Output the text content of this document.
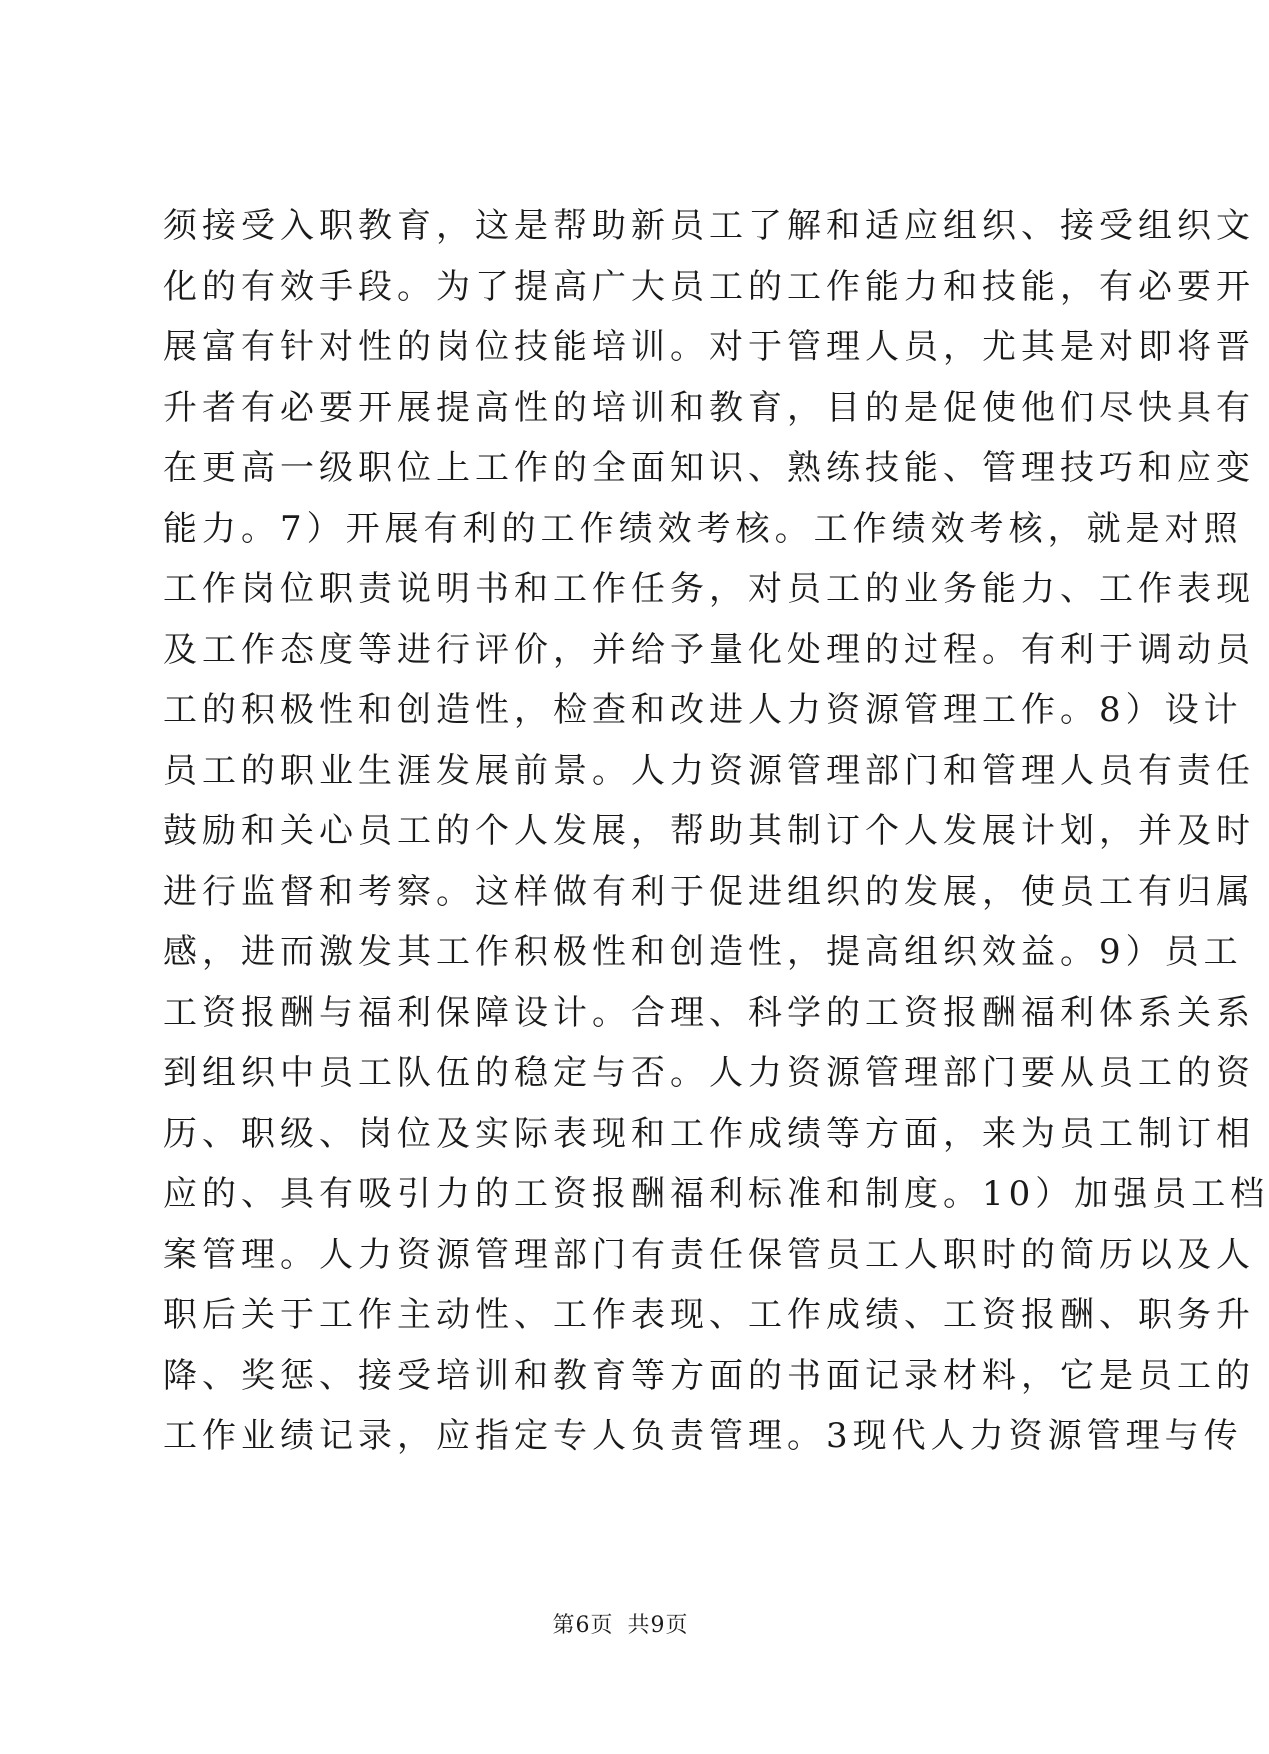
须接受入职教育，这是帮助新员工了解和适应组织、接受组织文
化的有效手段。为了提高广大员工的工作能力和技能，有必要开
展富有针对性的岗位技能培训。对于管理人员，尤其是对即将晋
升者有必要开展提高性的培训和教育，目的是促使他们尽快具有
在更高一级职位上工作的全面知识、熟练技能、管理技巧和应变
能力。7）开展有利的工作绩效考核。工作绩效考核，就是对照
工作岗位职责说明书和工作任务，对员工的业务能力、工作表现
及工作态度等进行评价，并给予量化处理的过程。有利于调动员
工的积极性和创造性，检查和改进人力资源管理工作。8）设计
员工的职业生涯发展前景。人力资源管理部门和管理人员有责任
鼓励和关心员工的个人发展，帮助其制订个人发展计划，并及时
进行监督和考察。这样做有利于促进组织的发展，使员工有归属
感，进而激发其工作积极性和创造性，提高组织效益。9）员工
工资报酬与福利保障设计。合理、科学的工资报酬福利体系关系
到组织中员工队伍的稳定与否。人力资源管理部门要从员工的资
历、职级、岗位及实际表现和工作成绩等方面，来为员工制订相
应的、具有吸引力的工资报酬福利标准和制度。10）加强员工档
案管理。人力资源管理部门有责任保管员工人职时的简历以及人
职后关于工作主动性、工作表现、工作成绩、工资报酬、职务升
降、奖惩、接受培训和教育等方面的书面记录材料，它是员工的
工作业绩记录，应指定专人负责管理。3现代人力资源管理与传
第6页 共9页
